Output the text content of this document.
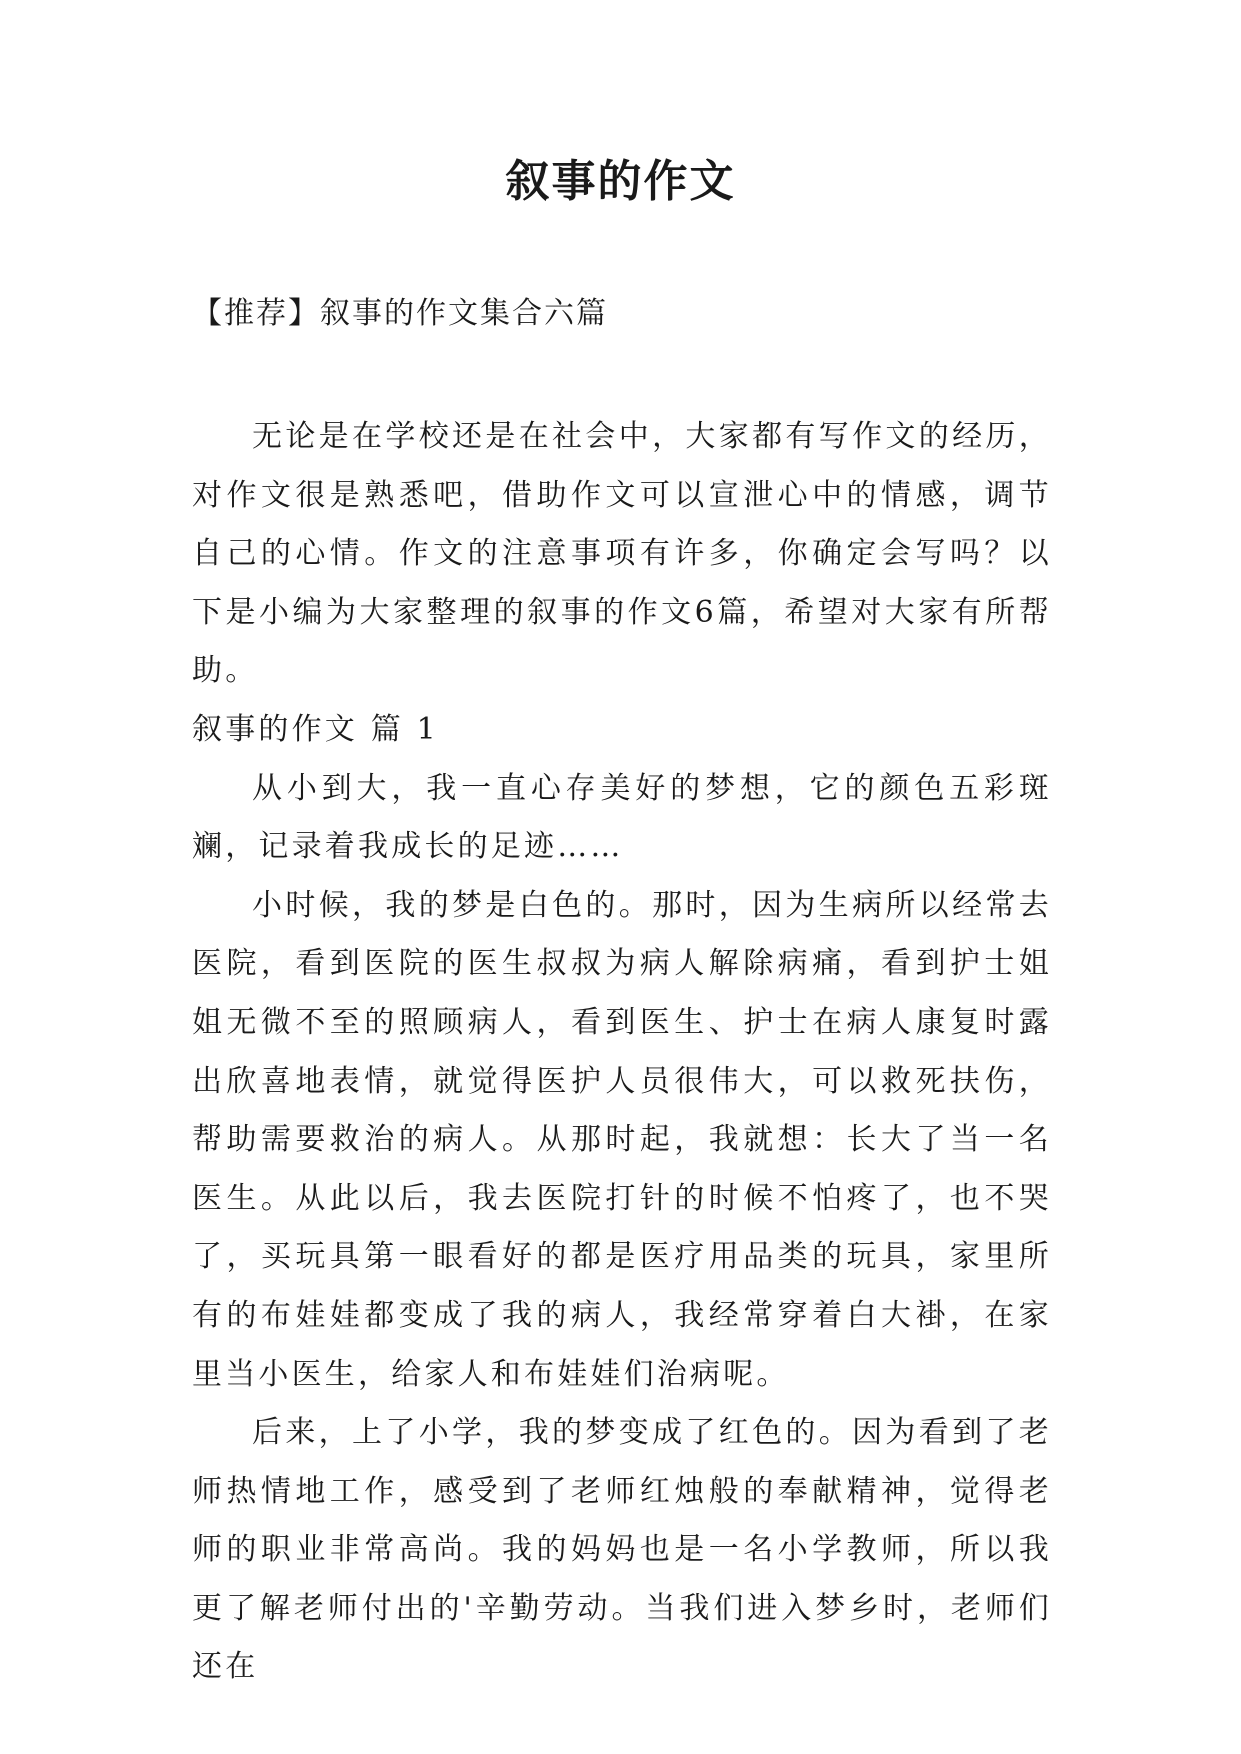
叙事的作文
【推荐】叙事的作文集合六篇

无论是在学校还是在社会中，大家都有写作文的经历，对作文很是熟悉吧，借助作文可以宣泄心中的情感，调节自己的心情。作文的注意事项有许多，你确定会写吗？以下是小编为大家整理的叙事的作文6篇，希望对大家有所帮助。

叙事的作文 篇 1

从小到大，我一直心存美好的梦想，它的颜色五彩斑斓，记录着我成长的足迹……

小时候，我的梦是白色的。那时，因为生病所以经常去医院，看到医院的医生叔叔为病人解除病痛，看到护士姐姐无微不至的照顾病人，看到医生、护士在病人康复时露出欣喜地表情，就觉得医护人员很伟大，可以救死扶伤，帮助需要救治的病人。从那时起，我就想：长大了当一名医生。从此以后，我去医院打针的时候不怕疼了，也不哭了，买玩具第一眼看好的都是医疗用品类的玩具，家里所有的布娃娃都变成了我的病人，我经常穿着白大褂，在家里当小医生，给家人和布娃娃们治病呢。

后来，上了小学，我的梦变成了红色的。因为看到了老师热情地工作，感受到了老师红烛般的奉献精神，觉得老师的职业非常高尚。我的妈妈也是一名小学教师，所以我更了解老师付出的'辛勤劳动。当我们进入梦乡时，老师们还在
